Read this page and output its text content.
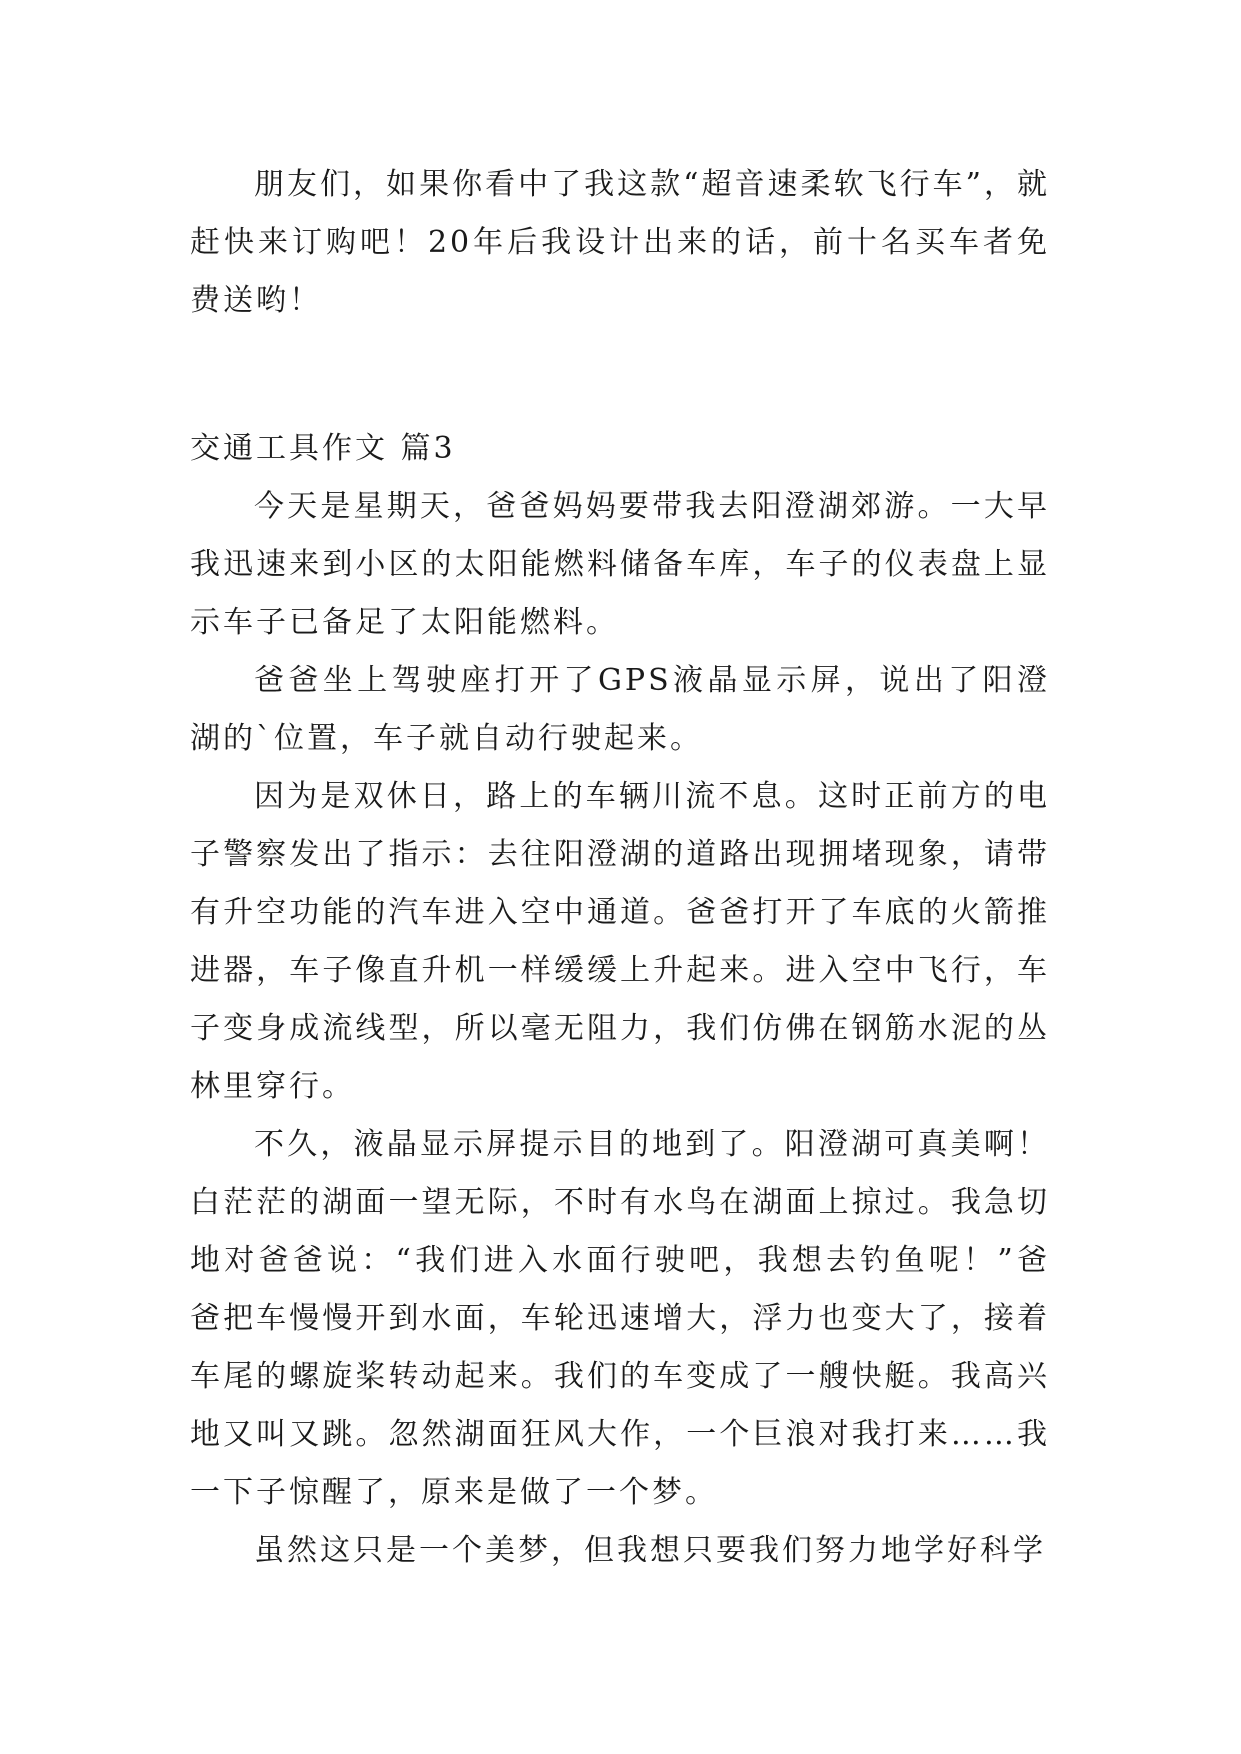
朋友们，如果你看中了我这款“超音速柔软飞行车”，就赶快来订购吧！20年后我设计出来的话，前十名买车者免费送哟！

交通工具作文 篇3

今天是星期天，爸爸妈妈要带我去阳澄湖郊游。一大早我迅速来到小区的太阳能燃料储备车库，车子的仪表盘上显示车子已备足了太阳能燃料。

爸爸坐上驾驶座打开了GPS液晶显示屏，说出了阳澄湖的`位置，车子就自动行驶起来。

因为是双休日，路上的车辆川流不息。这时正前方的电子警察发出了指示：去往阳澄湖的道路出现拥堵现象，请带有升空功能的汽车进入空中通道。爸爸打开了车底的火箭推进器，车子像直升机一样缓缓上升起来。进入空中飞行，车子变身成流线型，所以毫无阻力，我们仿佛在钢筋水泥的丛林里穿行。

不久，液晶显示屏提示目的地到了。阳澄湖可真美啊！白茫茫的湖面一望无际，不时有水鸟在湖面上掠过。我急切地对爸爸说：“我们进入水面行驶吧，我想去钓鱼呢！”爸爸把车慢慢开到水面，车轮迅速增大，浮力也变大了，接着车尾的螺旋桨转动起来。我们的车变成了一艘快艇。我高兴地又叫又跳。忽然湖面狂风大作，一个巨浪对我打来……我一下子惊醒了，原来是做了一个梦。

虽然这只是一个美梦，但我想只要我们努力地学好科学
